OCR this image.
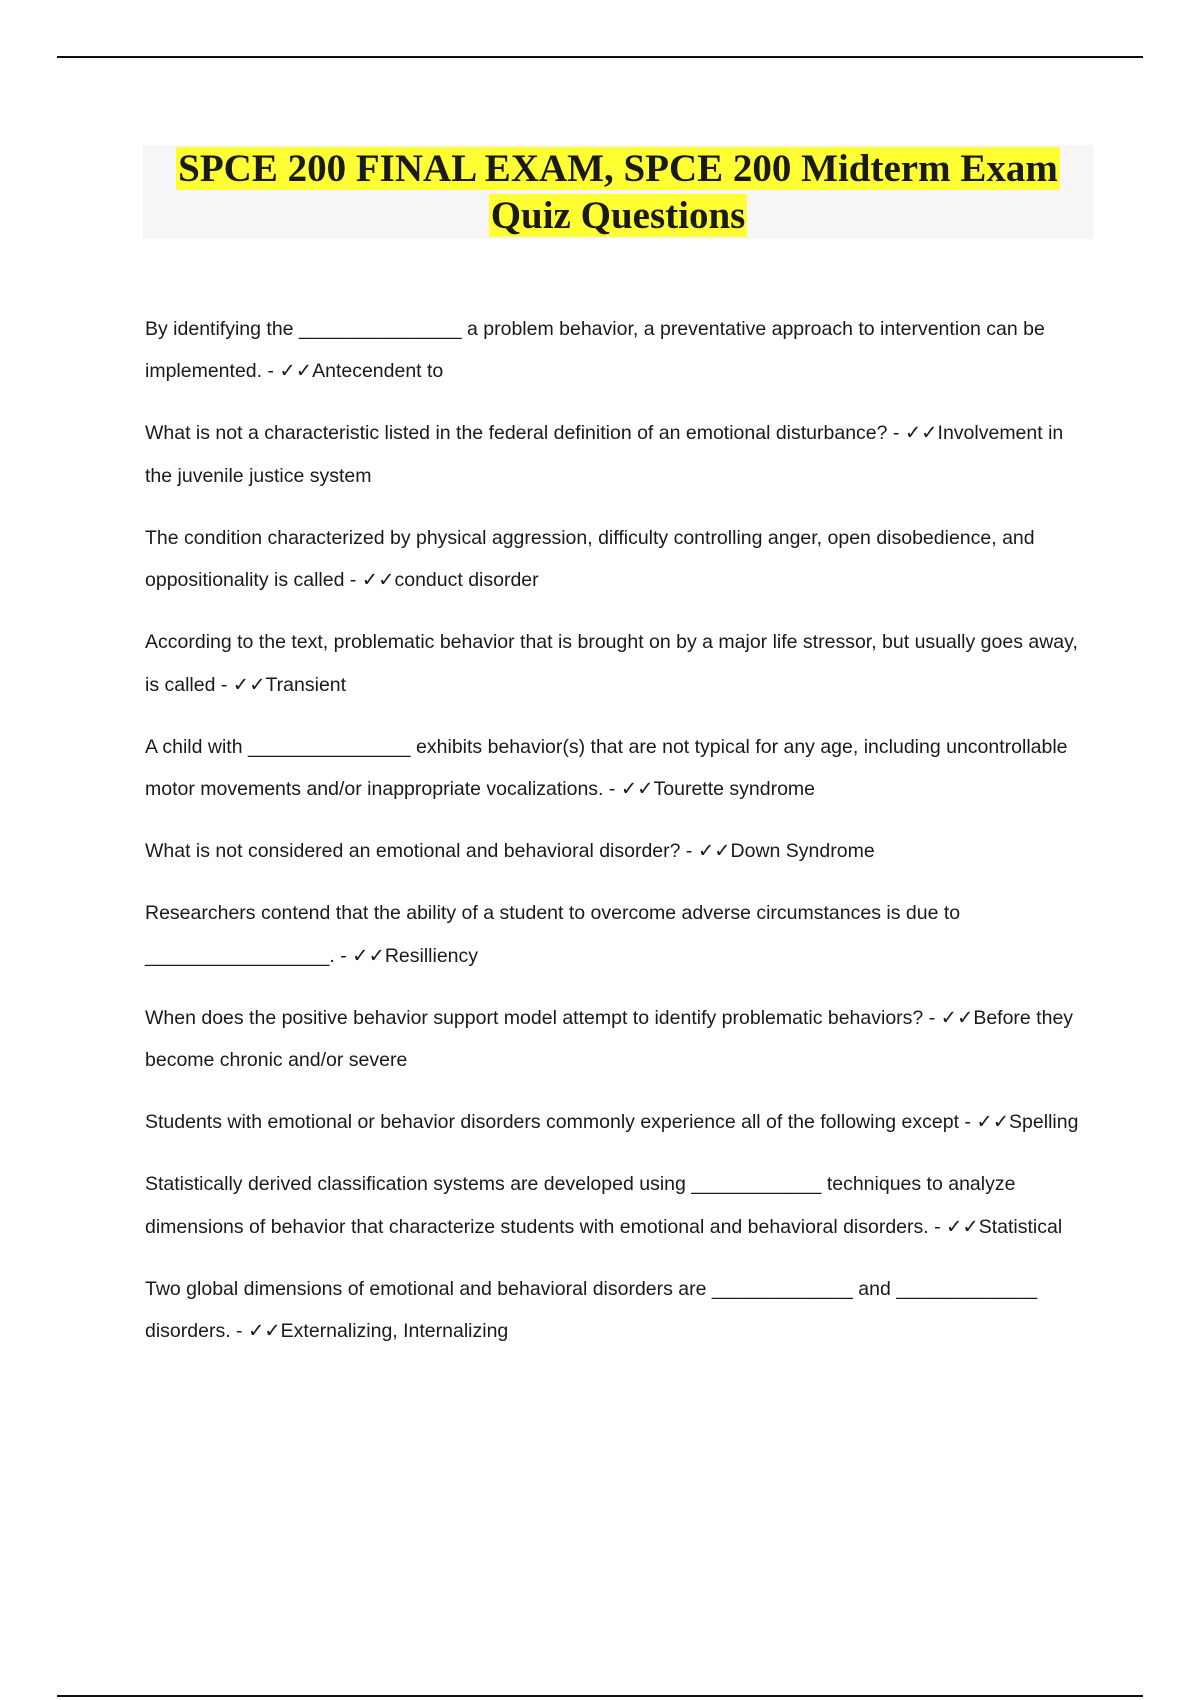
SPCE 200 FINAL EXAM, SPCE 200 Midterm Exam
Quiz Questions

By identifying the _______________ a problem behavior, a preventative approach to intervention can be implemented. - ✓✓Antecendent to

What is not a characteristic listed in the federal definition of an emotional disturbance? - ✓✓Involvement in the juvenile justice system

The condition characterized by physical aggression, difficulty controlling anger, open disobedience, and oppositionality is called - ✓✓conduct disorder

According to the text, problematic behavior that is brought on by a major life stressor, but usually goes away, is called - ✓✓Transient

A child with _______________ exhibits behavior(s) that are not typical for any age, including uncontrollable motor movements and/or inappropriate vocalizations. - ✓✓Tourette syndrome

What is not considered an emotional and behavioral disorder? - ✓✓Down Syndrome

Researchers contend that the ability of a student to overcome adverse circumstances is due to _________________. - ✓✓Resilliency

When does the positive behavior support model attempt to identify problematic behaviors? - ✓✓Before they become chronic and/or severe

Students with emotional or behavior disorders commonly experience all of the following except - ✓✓Spelling

Statistically derived classification systems are developed using ____________ techniques to analyze dimensions of behavior that characterize students with emotional and behavioral disorders. - ✓✓Statistical

Two global dimensions of emotional and behavioral disorders are _____________ and _____________ disorders. - ✓✓Externalizing, Internalizing
